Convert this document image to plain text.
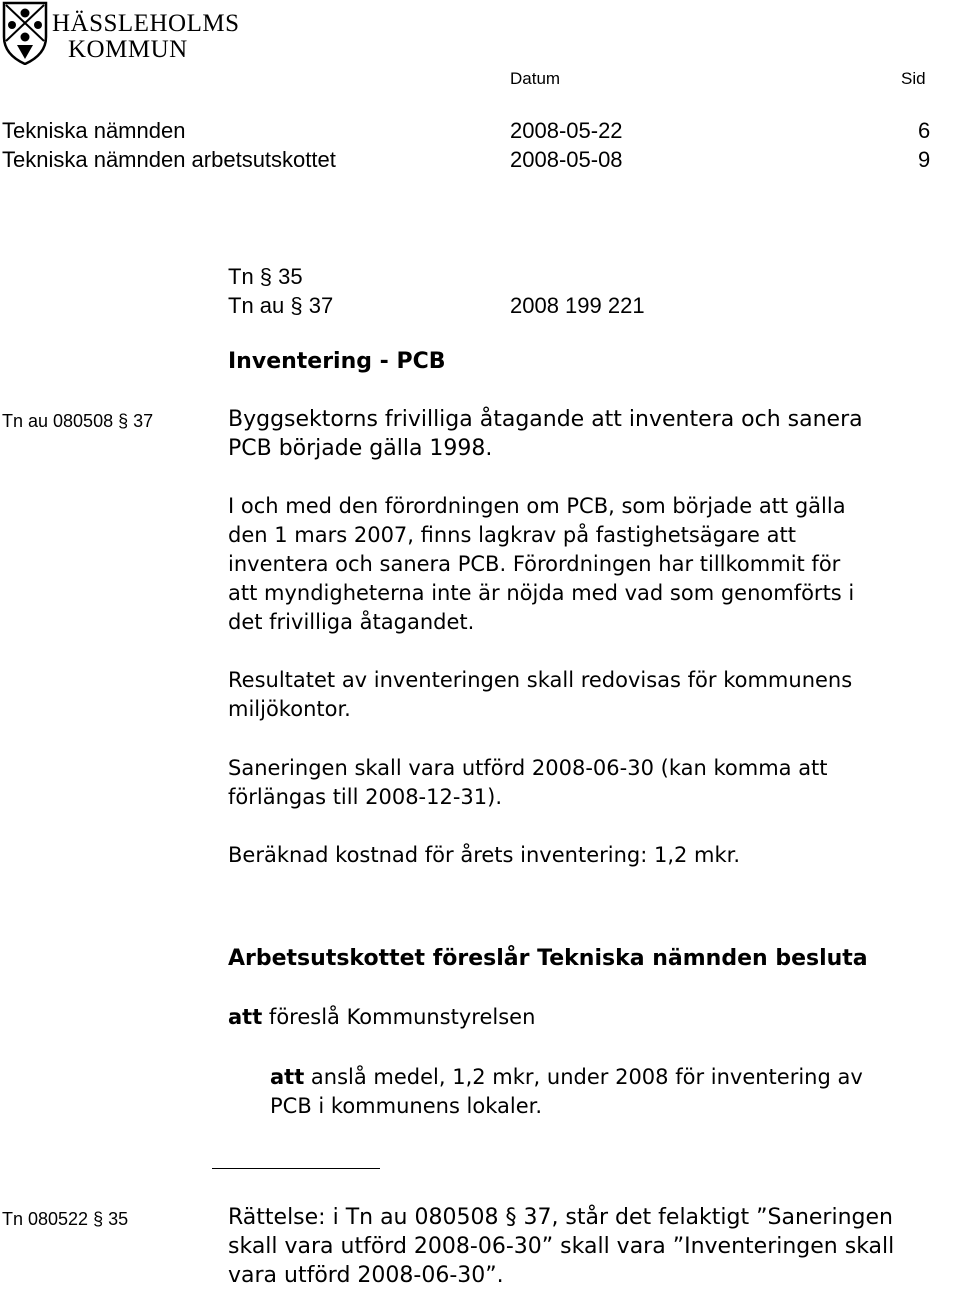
HÄSSLEHOLMS
KOMMUN
Datum	Sid
Tekniska nämnden	2008-05-22	6
Tekniska nämnden arbetsutskottet	2008-05-08	9
Tn § 35
Tn au § 37	2008 199 221
Inventering - PCB
Tn au 080508 § 37	Byggsektorns frivilliga åtagande att inventera och sanera
PCB började gälla 1998.
I och med den förordningen om PCB, som började att gälla
den 1 mars 2007, finns lagkrav på fastighetsägare att
inventera och sanera PCB. Förordningen har tillkommit för
att myndigheterna inte är nöjda med vad som genomförts i
det frivilliga åtagandet.
Resultatet av inventeringen skall redovisas för kommunens
miljökontor.
Saneringen skall vara utförd 2008-06-30 (kan komma att
förlängas till 2008-12-31).
Beräknad kostnad för årets inventering: 1,2 mkr.
Arbetsutskottet föreslår Tekniska nämnden besluta
att föreslå Kommunstyrelsen
att anslå medel, 1,2 mkr, under 2008 för inventering av
PCB i kommunens lokaler.
Tn 080522 § 35	Rättelse: i Tn au 080508 § 37, står det felaktigt ”Saneringen
skall vara utförd 2008-06-30” skall vara ”Inventeringen skall
vara utförd 2008-06-30”.
